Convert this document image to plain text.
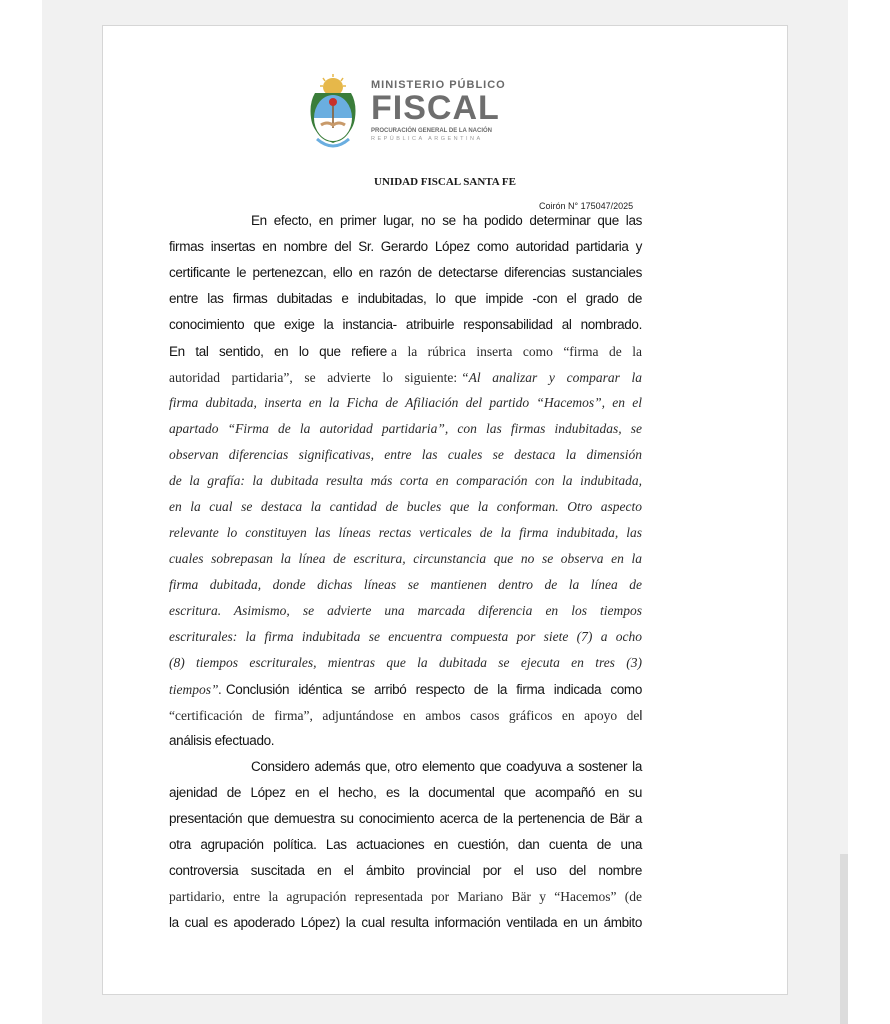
MINISTERIO PÚBLICO
FISCAL
PROCURACIÓN GENERAL DE LA NACIÓN
REPÚBLICA ARGENTINA
UNIDAD FISCAL SANTA FE
Coirón N° 175047/2025
En efecto, en primer lugar, no se ha podido determinar que las
firmas insertas en nombre del Sr. Gerardo López como autoridad partidaria y
certificante le pertenezcan, ello en razón de detectarse diferencias sustanciales
entre las firmas dubitadas e indubitadas, lo que impide -con el grado de
conocimiento que exige la instancia- atribuirle responsabilidad al nombrado.
En tal sentido, en lo que refiere a la rúbrica inserta como “firma de la
autoridad partidaria”, se advierte lo siguiente: “Al analizar y comparar la
firma dubitada, inserta en la Ficha de Afiliación del partido “Hacemos”, en el
apartado “Firma de la autoridad partidaria”, con las firmas indubitadas, se
observan diferencias significativas, entre las cuales se destaca la dimensión
de la grafía: la dubitada resulta más corta en comparación con la indubitada,
en la cual se destaca la cantidad de bucles que la conforman. Otro aspecto
relevante lo constituyen las líneas rectas verticales de la firma indubitada, las
cuales sobrepasan la línea de escritura, circunstancia que no se observa en la
firma dubitada, donde dichas líneas se mantienen dentro de la línea de
escritura. Asimismo, se advierte una marcada diferencia en los tiempos
escriturales: la firma indubitada se encuentra compuesta por siete (7) a ocho
(8) tiempos escriturales, mientras que la dubitada se ejecuta en tres (3)
tiempos”. Conclusión idéntica se arribó respecto de la firma indicada como
“certificación de firma”, adjuntándose en ambos casos gráficos en apoyo del
análisis efectuado.
Considero además que, otro elemento que coadyuva a sostener la
ajenidad de López en el hecho, es la documental que acompañó en su
presentación que demuestra su conocimiento acerca de la pertenencia de Bär a
otra agrupación política. Las actuaciones en cuestión, dan cuenta de una
controversia suscitada en el ámbito provincial por el uso del nombre
partidario, entre la agrupación representada por Mariano Bär y “Hacemos” (de
la cual es apoderado López) la cual resulta información ventilada en un ámbito
